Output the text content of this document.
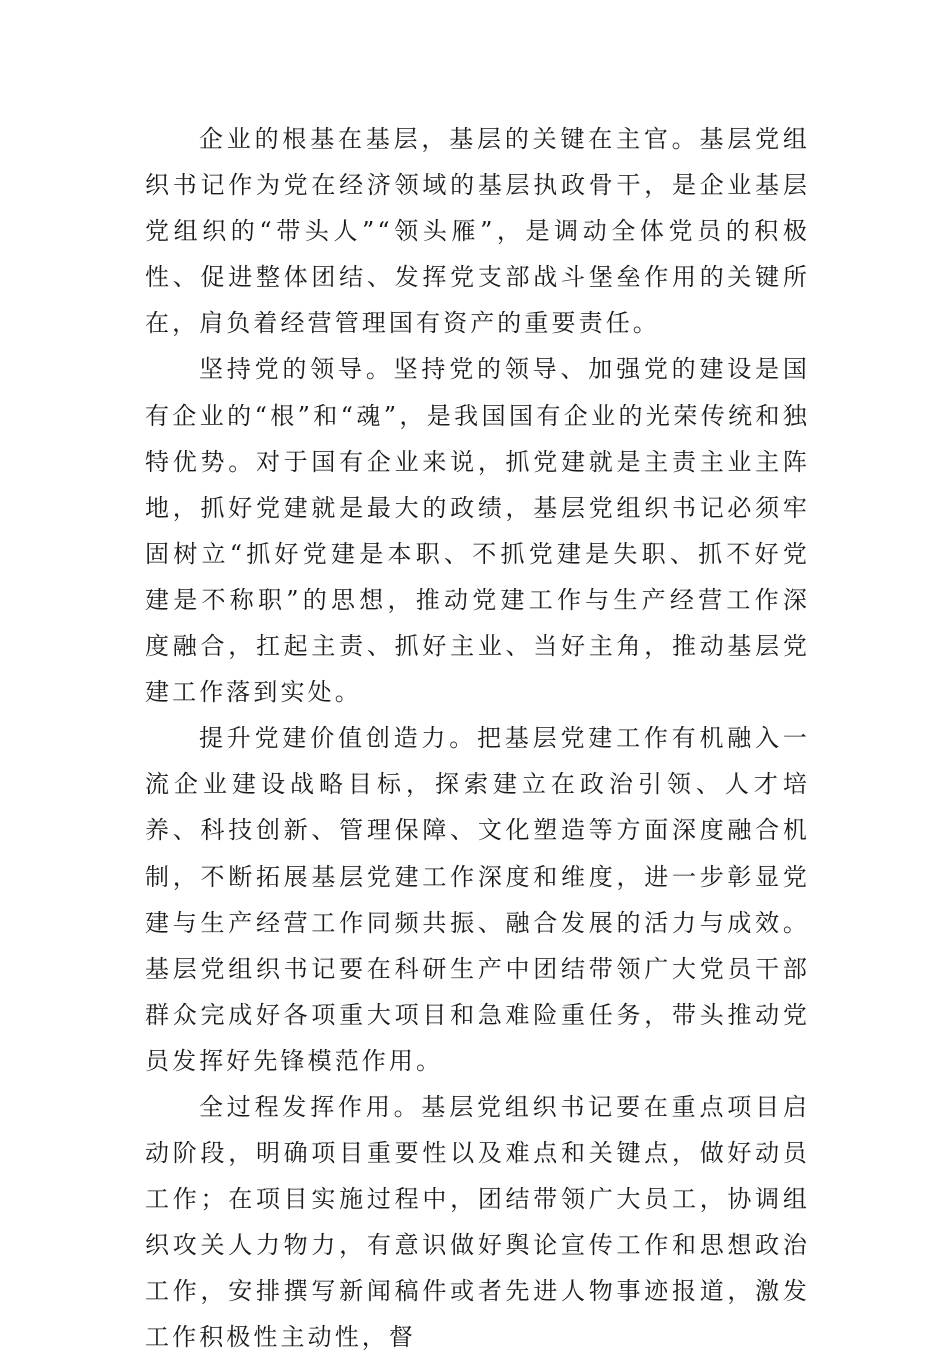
企业的根基在基层，基层的关键在主官。基层党组织书记作为党在经济领域的基层执政骨干，是企业基层党组织的“带头人”“领头雁”，是调动全体党员的积极性、促进整体团结、发挥党支部战斗堡垒作用的关键所在，肩负着经营管理国有资产的重要责任。

坚持党的领导。坚持党的领导、加强党的建设是国有企业的“根”和“魂”，是我国国有企业的光荣传统和独特优势。对于国有企业来说，抓党建就是主责主业主阵地，抓好党建就是最大的政绩，基层党组织书记必须牢固树立“抓好党建是本职、不抓党建是失职、抓不好党建是不称职”的思想，推动党建工作与生产经营工作深度融合，扛起主责、抓好主业、当好主角，推动基层党建工作落到实处。

提升党建价值创造力。把基层党建工作有机融入一流企业建设战略目标，探索建立在政治引领、人才培养、科技创新、管理保障、文化塑造等方面深度融合机制，不断拓展基层党建工作深度和维度，进一步彰显党建与生产经营工作同频共振、融合发展的活力与成效。基层党组织书记要在科研生产中团结带领广大党员干部群众完成好各项重大项目和急难险重任务，带头推动党员发挥好先锋模范作用。

全过程发挥作用。基层党组织书记要在重点项目启动阶段，明确项目重要性以及难点和关键点，做好动员工作；在项目实施过程中，团结带领广大员工，协调组织攻关人力物力，有意识做好舆论宣传工作和思想政治工作，安排撰写新闻稿件或者先进人物事迹报道，激发工作积极性主动性，督
